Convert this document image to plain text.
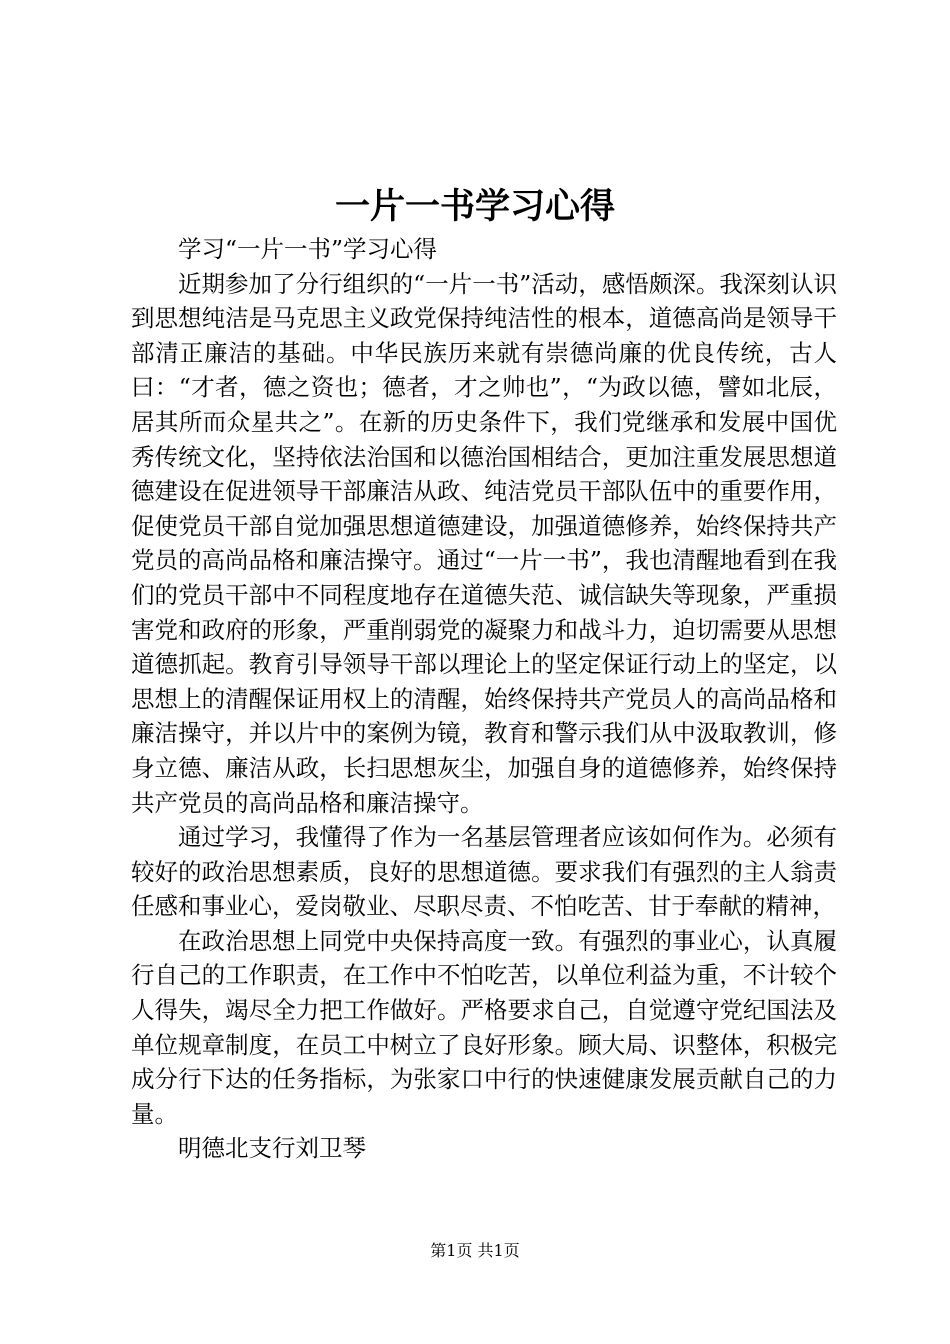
一片一书学习心得

学习“一片一书”学习心得

近期参加了分行组织的“一片一书”活动，感悟颇深。我深刻认识到思想纯洁是马克思主义政党保持纯洁性的根本，道德高尚是领导干部清正廉洁的基础。中华民族历来就有崇德尚廉的优良传统，古人曰：“才者，德之资也；德者，才之帅也”，“为政以德，譬如北辰，居其所而众星共之”。在新的历史条件下，我们党继承和发展中国优秀传统文化，坚持依法治国和以德治国相结合，更加注重发展思想道德建设在促进领导干部廉洁从政、纯洁党员干部队伍中的重要作用，促使党员干部自觉加强思想道德建设，加强道德修养，始终保持共产党员的高尚品格和廉洁操守。通过“一片一书”，我也清醒地看到在我们的党员干部中不同程度地存在道德失范、诚信缺失等现象，严重损害党和政府的形象，严重削弱党的凝聚力和战斗力，迫切需要从思想道德抓起。教育引导领导干部以理论上的坚定保证行动上的坚定，以思想上的清醒保证用权上的清醒，始终保持共产党员人的高尚品格和廉洁操守，并以片中的案例为镜，教育和警示我们从中汲取教训，修身立德、廉洁从政，长扫思想灰尘，加强自身的道德修养，始终保持共产党员的高尚品格和廉洁操守。

通过学习，我懂得了作为一名基层管理者应该如何作为。必须有较好的政治思想素质，良好的思想道德。要求我们有强烈的主人翁责任感和事业心，爱岗敬业、尽职尽责、不怕吃苦、甘于奉献的精神，

在政治思想上同党中央保持高度一致。有强烈的事业心，认真履行自己的工作职责，在工作中不怕吃苦，以单位利益为重，不计较个人得失，竭尽全力把工作做好。严格要求自己，自觉遵守党纪国法及单位规章制度，在员工中树立了良好形象。顾大局、识整体，积极完成分行下达的任务指标，为张家口中行的快速健康发展贡献自己的力量。

明德北支行刘卫琴

第1页 共1页
